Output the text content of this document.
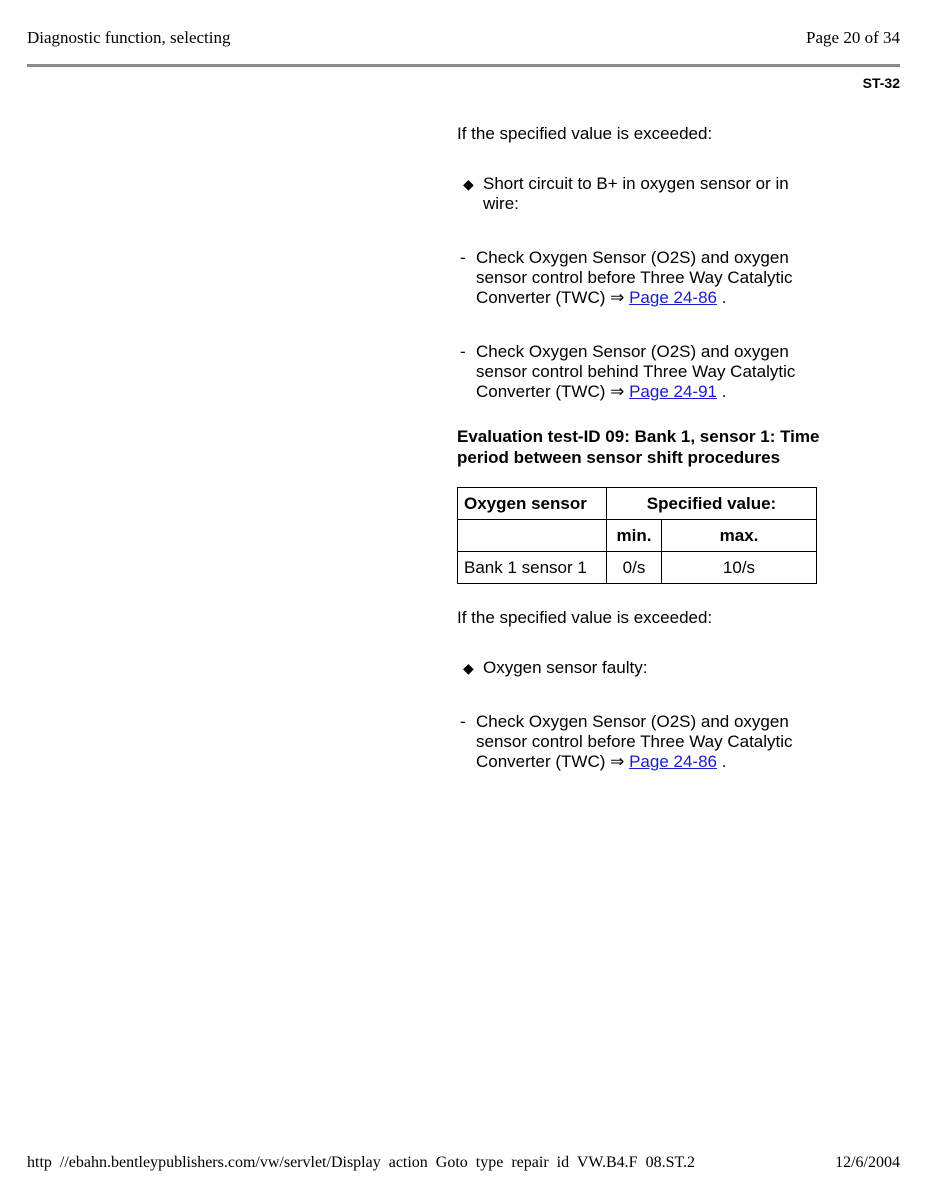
Diagnostic function, selecting	Page 20 of 34
ST-32
If the specified value is exceeded:
◆ Short circuit to B+ in oxygen sensor or in
wire:
- Check Oxygen Sensor (O2S) and oxygen
sensor control before Three Way Catalytic
Converter (TWC) ⇒ Page 24-86 .
- Check Oxygen Sensor (O2S) and oxygen
sensor control behind Three Way Catalytic
Converter (TWC) ⇒ Page 24-91 .
Evaluation test-ID 09: Bank 1, sensor 1: Time
period between sensor shift procedures
Oxygen sensor	Specified value:	
	min.	max.
Bank 1 sensor 1	0/s	10/s
If the specified value is exceeded:
◆ Oxygen sensor faulty:
- Check Oxygen Sensor (O2S) and oxygen
sensor control before Three Way Catalytic
Converter (TWC) ⇒ Page 24-86 .
http //ebahn.bentleypublishers.com/vw/servlet/Display action Goto type repair id VW.B4.F 08.ST.2	12/6/2004
